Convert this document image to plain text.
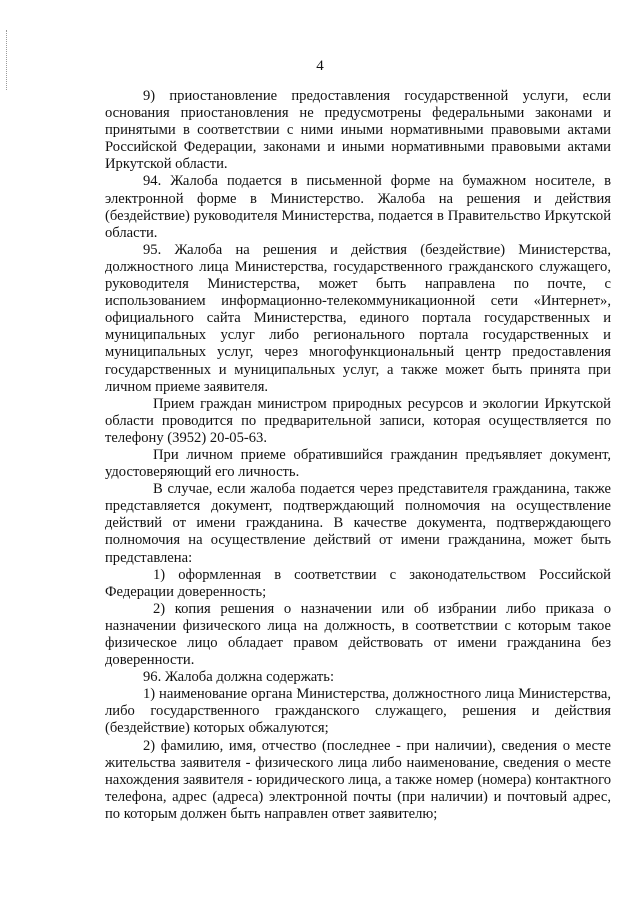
4

9) приостановление предоставления государственной услуги, если основания приостановления не предусмотрены федеральными законами и принятыми в соответствии с ними иными нормативными правовыми актами Российской Федерации, законами и иными нормативными правовыми актами Иркутской области.

94. Жалоба подается в письменной форме на бумажном носителе, в электронной форме в Министерство. Жалоба на решения и действия (бездействие) руководителя Министерства, подается в Правительство Иркутской области.

95. Жалоба на решения и действия (бездействие) Министерства, должностного лица Министерства, государственного гражданского служащего, руководителя Министерства, может быть направлена по почте, с использованием информационно-телекоммуникационной сети «Интернет», официального сайта Министерства, единого портала государственных и муниципальных услуг либо регионального портала государственных и муниципальных услуг, через многофункциональный центр предоставления государственных и муниципальных услуг, а также может быть принята при личном приеме заявителя.

Прием граждан министром природных ресурсов и экологии Иркутской области проводится по предварительной записи, которая осуществляется по телефону (3952) 20-05-63.

При личном приеме обратившийся гражданин предъявляет документ, удостоверяющий его личность.

В случае, если жалоба подается через представителя гражданина, также представляется документ, подтверждающий полномочия на осуществление действий от имени гражданина. В качестве документа, подтверждающего полномочия на осуществление действий от имени гражданина, может быть представлена:

1) оформленная в соответствии с законодательством Российской Федерации доверенность;

2) копия решения о назначении или об избрании либо приказа о назначении физического лица на должность, в соответствии с которым такое физическое лицо обладает правом действовать от имени гражданина без доверенности.

96. Жалоба должна содержать:

1) наименование органа Министерства, должностного лица Министерства, либо государственного гражданского служащего, решения и действия (бездействие) которых обжалуются;

2) фамилию, имя, отчество (последнее - при наличии), сведения о месте жительства заявителя - физического лица либо наименование, сведения о месте нахождения заявителя - юридического лица, а также номер (номера) контактного телефона, адрес (адреса) электронной почты (при наличии) и почтовый адрес, по которым должен быть направлен ответ заявителю;
